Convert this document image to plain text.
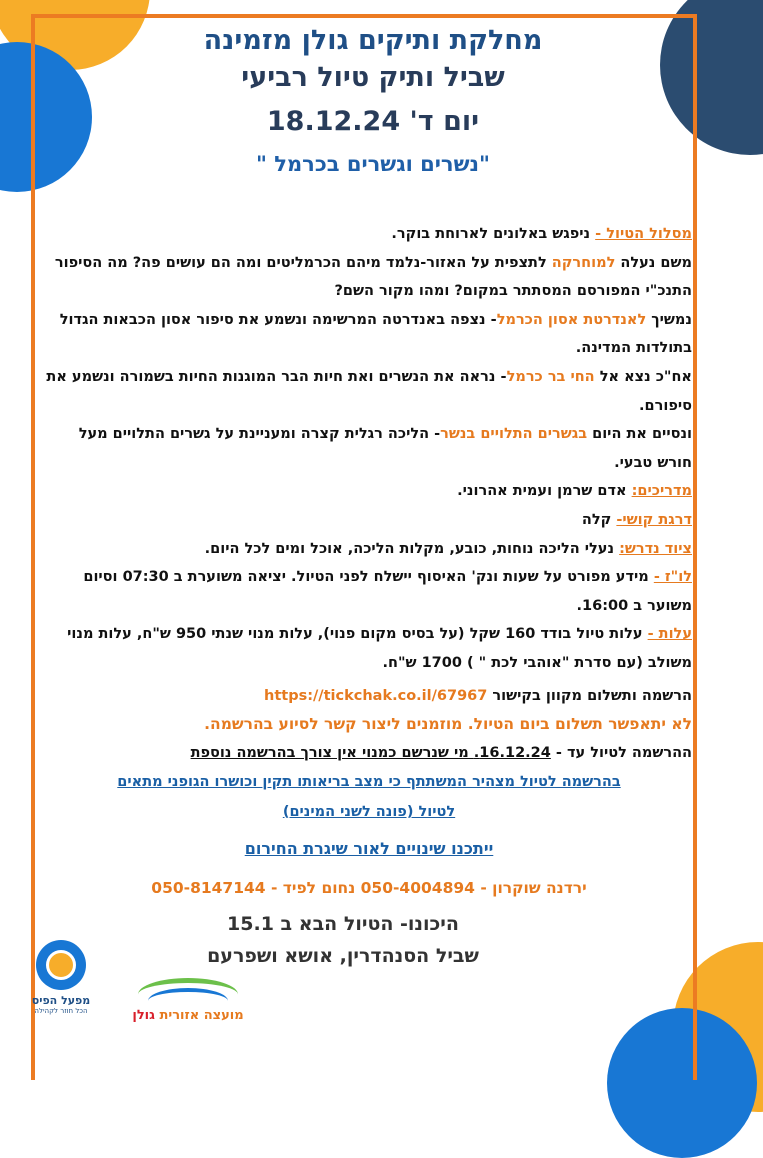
מחלקת ותיקים גולן מזמינה
שביל ותיק טיול רביעי
יום ד' 18.12.24
"נשרים וגשרים בכרמל "

מסלול הטיול - ניפגש באלונים לארוחת בוקר.

משם נעלה למוחרקה לתצפית על האזור-נלמד מיהם הכרמליטים ומה הם עושים פה? מה הסיפור התנכ"י המפורסם המסתתר במקום? ומהו מקור השם?

נמשיך לאנדרטת אסון הכרמל- נצפה באנדרטה המרשימה ונשמע את סיפור אסון הכבאות הגדול בתולדות המדינה.

אח"כ נצא אל החי בר כרמל- נראה את הנשרים ואת חיות הבר המוגנות החיות בשמורה ונשמע את סיפורם.

ונסיים את היום בגשרים התלויים בנשר- הליכה רגלית קצרה ומעניינת על גשרים התלויים מעל חורש טבעי.

מדריכים: אדם שרמן ועמית אהרוני.

דרגת קושי- קלה

ציוד נדרש: נעלי הליכה נוחות, כובע, מקלות הליכה, אוכל ומים לכל היום.

לו"ז - מידע מפורט על שעות ונק' האיסוף יישלח לפני הטיול. יציאה משוערת ב 07:30 וסיום משוער ב 16:00.

עלות - עלות טיול בודד 160 שקל (על בסיס מקום פנוי), עלות מנוי שנתי 950 ש"ח, עלות מנוי משולב (עם סדרת "אוהבי לכת " ) 1700 ש"ח.

הרשמה ותשלום מקוון בקישור https://tickchak.co.il/67967

לא יתאפשר תשלום ביום הטיול. מוזמנים ליצור קשר לסיוע בהרשמה.

ההרשמה לטיול עד - 16.12.24. מי שנרשם כמנוי אין צורך בהרשמה נוספת

בהרשמה לטיול מצהיר המשתתף כי מצב בריאותו תקין וכושרו הגופני מתאים
לטיול (פונה לשני המינים)
ייתכנו שינויים לאור שיגרת החירום
ירדנה שוקרון - 050-4004894 נחום לפיד - 050-8147144
היכונו- הטיול הבא ב 15.1
שביל הסנהדרין, אושא ושפרעם
מפעל הפיס
הכל חוזר לקהילה	מועצה אזורית גולן
